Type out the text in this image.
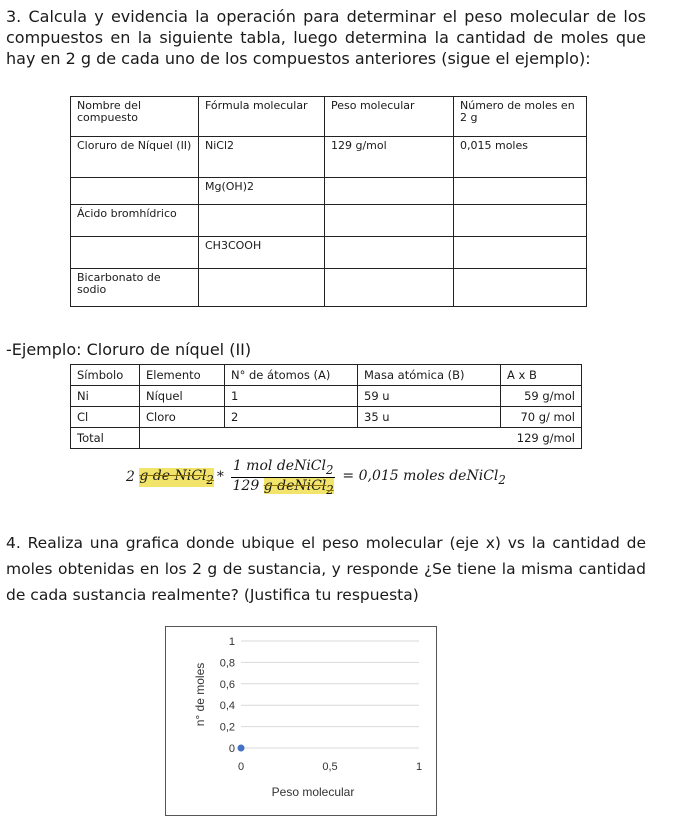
3. Calcula y evidencia la operación para determinar el peso molecular de los compuestos en la siguiente tabla, luego determina la cantidad de moles que hay en 2 g de cada uno de los compuestos anteriores (sigue el ejemplo):
Nombre del compuesto	Fórmula molecular	Peso molecular	Número de moles en 2 g
Cloruro de Níquel (II)	NiCl2	129 g/mol	0,015 moles
	Mg(OH)2		
Ácido bromhídrico			
	CH3COOH		
Bicarbonato de sodio			
-Ejemplo: Cloruro de níquel (II)
Símbolo	Elemento	N° de átomos (A)	Masa atómica (B)	A x B
Ni	Níquel	1	59 u	59 g/mol
Cl	Cloro	2	35 u	70 g/ mol
Total	129 g/mol			
2
g de NiCl$_2$ * $\frac{1 mol deNiCl_2}{129 g deNiCl_2} = 0,015$ moles deNiCl$_2$
4. Realiza una grafica donde ubique el peso molecular (eje x) vs la cantidad de moles obtenidas en los 2 g de sustancia, y responde ¿Se tiene la misma cantidad de cada sustancia realmente? (Justifica tu respuesta)
0
0,2
0,4
0,6
0,8
1
0	0,5	1
Peso molecular
n° de moles
